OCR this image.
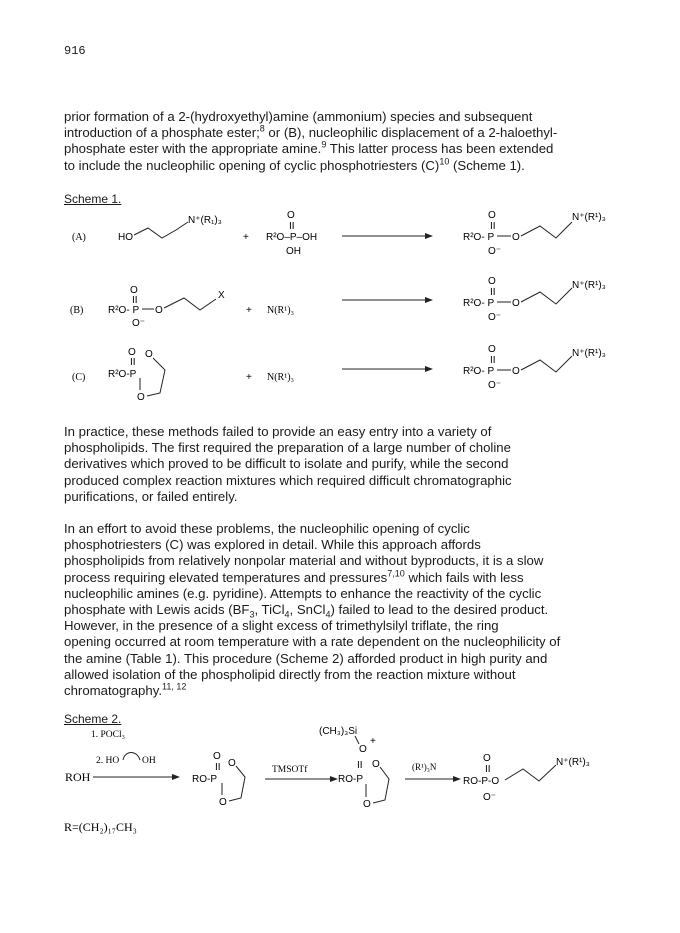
916

prior formation of a 2-(hydroxyethyl)amine (ammonium) species and subsequent
introduction of a phosphate ester;$^8$ or (B), nucleophilic displacement of a 2-haloethyl-
phosphate ester with the appropriate amine.$^9$ This latter process has been extended
to include the nucleophilic opening of cyclic phosphotriesters $(C)^{10}$ (Scheme 1).

Scheme 1.
(A)	HO
N⁺(R₁)₃
+
O
II
R²O–P–OH
OH
O
II
R²O- P O
N⁺(R¹)₃
O⁻
(B)
O
II
R²O- P O
X
O⁻
+ N(R¹)₃
O
II
R²O- P O
N⁺(R¹)₃
O⁻
(C)
O
II
R²O-P
O
O
+ N(R¹)₃
O
II
R²O- P O
N⁺(R¹)₃
O⁻

In practice, these methods failed to provide an easy entry into a variety of
phospholipids. The first required the preparation of a large number of choline
derivatives which proved to be difficult to isolate and purify, while the second
produced complex reaction mixtures which required difficult chromatographic
purifications, or failed entirely.

In an effort to avoid these problems, the nucleophilic opening of cyclic
phosphotriesters (C) was explored in detail. While this approach affords
phospholipids from relatively nonpolar material and without byproducts, it is a slow
process requiring elevated temperatures and pressures$^{7,10}$ which fails with less
nucleophilic amines (e.g. pyridine). Attempts to enhance the reactivity of the cyclic
phosphate with Lewis acids ($BF_3$, TiCl$_4$, SnCl$_4$) failed to lead to the desired product.
However, in the presence of a slight excess of trimethylsilyl triflate, the ring
opening occurred at room temperature with a rate dependent on the nucleophilicity of
the amine (Table 1). This procedure (Scheme 2) afforded product in high purity and
allowed isolation of the phospholipid directly from the reaction mixture without
chromatography.$^{11, 12}$

Scheme 2.
1. POCl₃
2. HO OH
ROH
O
II
RO-P
O
O
TMSOTf
(CH₃)₃Si
O
+
II
RO-P
O
O
(R¹)₃N
O
II
RO-P-O
N⁺(R¹)₃
O⁻
R=(CH₂)₁₇CH₃
